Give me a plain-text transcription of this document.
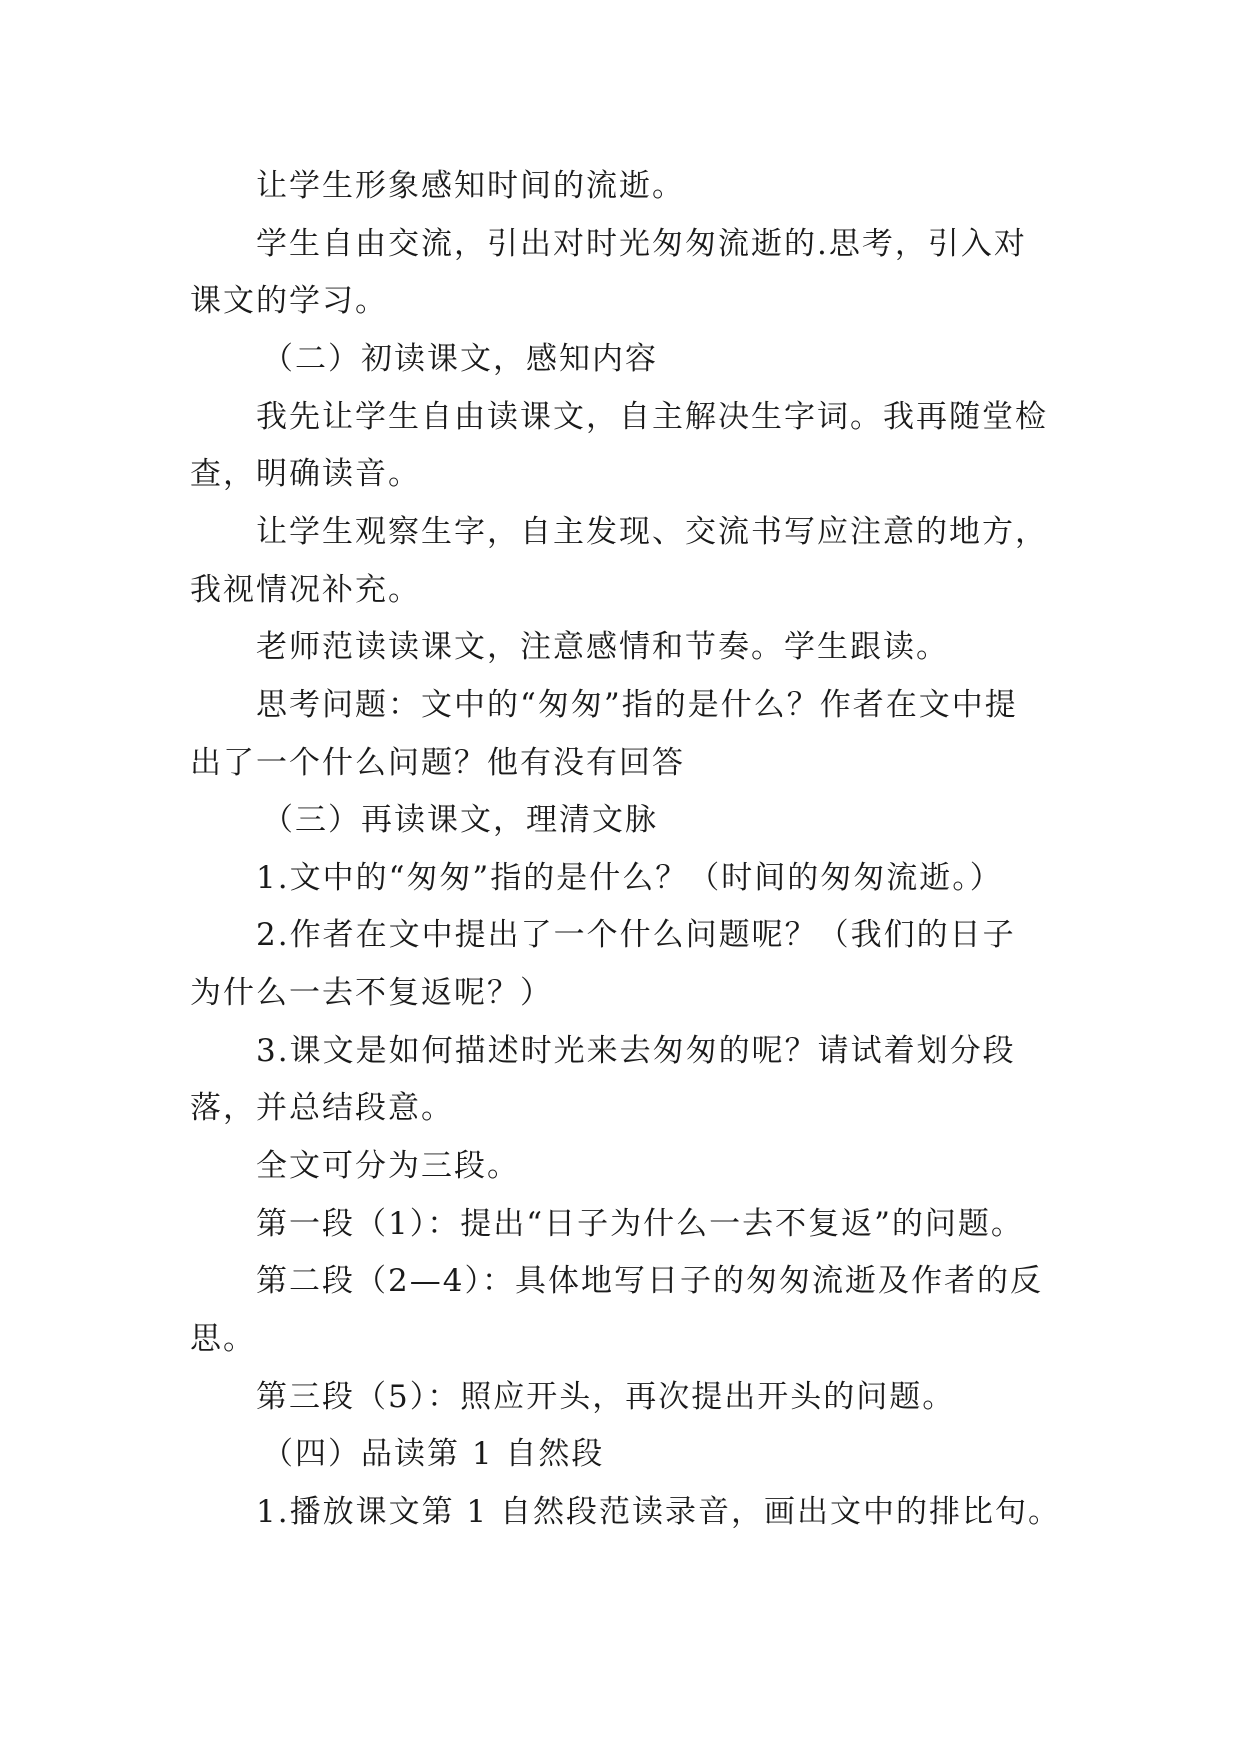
让学生形象感知时间的流逝。
学生自由交流，引出对时光匆匆流逝的.思考，引入对
课文的学习。
（二）初读课文，感知内容
我先让学生自由读课文，自主解决生字词。我再随堂检
查，明确读音。
让学生观察生字，自主发现、交流书写应注意的地方，
我视情况补充。
老师范读读课文，注意感情和节奏。学生跟读。
思考问题：文中的“匆匆”指的是什么？作者在文中提
出了一个什么问题？他有没有回答
（三）再读课文，理清文脉
1.文中的“匆匆”指的是什么？（时间的匆匆流逝。）
2.作者在文中提出了一个什么问题呢？（我们的日子
为什么一去不复返呢？）
3.课文是如何描述时光来去匆匆的呢？请试着划分段
落，并总结段意。
全文可分为三段。
第一段（1）：提出“日子为什么一去不复返”的问题。
第二段（2—4）：具体地写日子的匆匆流逝及作者的反
思。
第三段（5）：照应开头，再次提出开头的问题。
（四）品读第 1 自然段
1.播放课文第 1 自然段范读录音，画出文中的排比句。
